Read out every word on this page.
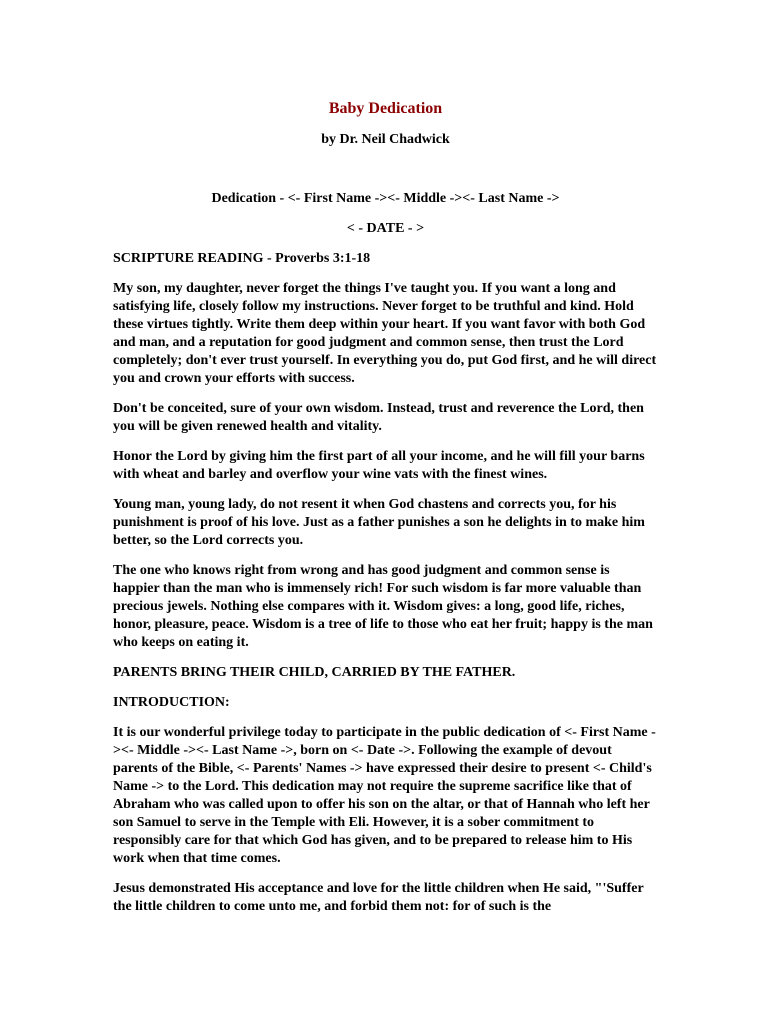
Baby Dedication

by Dr. Neil Chadwick

Dedication - <- First Name -><- Middle -><- Last Name ->

< - DATE - >

SCRIPTURE READING - Proverbs 3:1-18

My son, my daughter, never forget the things I've taught you. If you want a long and satisfying life, closely follow my instructions. Never forget to be truthful and kind. Hold these virtues tightly. Write them deep within your heart. If you want favor with both God and man, and a reputation for good judgment and common sense, then trust the Lord completely; don't ever trust yourself. In everything you do, put God first, and he will direct you and crown your efforts with success.

Don't be conceited, sure of your own wisdom. Instead, trust and reverence the Lord, then you will be given renewed health and vitality.

Honor the Lord by giving him the first part of all your income, and he will fill your barns with wheat and barley and overflow your wine vats with the finest wines.

Young man, young lady, do not resent it when God chastens and corrects you, for his punishment is proof of his love. Just as a father punishes a son he delights in to make him better, so the Lord corrects you.

The one who knows right from wrong and has good judgment and common sense is happier than the man who is immensely rich! For such wisdom is far more valuable than precious jewels. Nothing else compares with it. Wisdom gives: a long, good life, riches, honor, pleasure, peace. Wisdom is a tree of life to those who eat her fruit; happy is the man who keeps on eating it.

PARENTS BRING THEIR CHILD, CARRIED BY THE FATHER.

INTRODUCTION:

It is our wonderful privilege today to participate in the public dedication of <- First Name -><- Middle -><- Last Name ->, born on <- Date ->. Following the example of devout parents of the Bible, <- Parents' Names -> have expressed their desire to present <- Child's Name -> to the Lord. This dedication may not require the supreme sacrifice like that of Abraham who was called upon to offer his son on the altar, or that of Hannah who left her son Samuel to serve in the Temple with Eli. However, it is a sober commitment to responsibly care for that which God has given, and to be prepared to release him to His work when that time comes.

Jesus demonstrated His acceptance and love for the little children when He said, "'Suffer the little children to come unto me, and forbid them not: for of such is the
